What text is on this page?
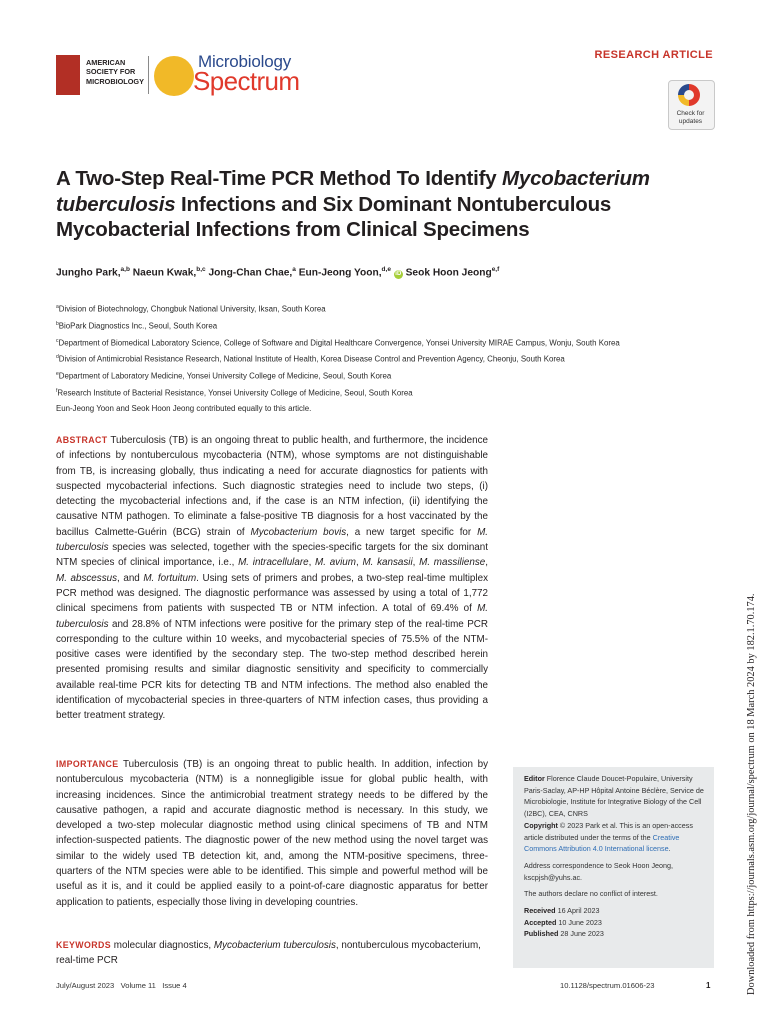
AMERICAN
SOCIETY FOR
MICROBIOLOGY
Microbiology
Spectrum
RESEARCH ARTICLE
Check for
updates
A Two-Step Real-Time PCR Method To Identify Mycobacterium tuberculosis Infections and Six Dominant Nontuberculous Mycobacterial Infections from Clinical Specimens
Jungho Park,$^{a,b}$ Naeun Kwak,$^{b,c}$ Jong-Chan Chae,$^a$ Eun-Jeong Yoon,$^{d,e}$ iD Seok Hoon Jeong$^{e,f}$
$^a$Division of Biotechnology, Chongbuk National University, Iksan, South Korea
$^b$BioPark Diagnostics Inc., Seoul, South Korea
$^c$Department of Biomedical Laboratory Science, College of Software and Digital Healthcare Convergence, Yonsei University MIRAE Campus, Wonju, South Korea
$^d$Division of Antimicrobial Resistance Research, National Institute of Health, Korea Disease Control and Prevention Agency, Cheonju, South Korea
$^e$Department of Laboratory Medicine, Yonsei University College of Medicine, Seoul, South Korea
$^f$Research Institute of Bacterial Resistance, Yonsei University College of Medicine, Seoul, South Korea
Eun-Jeong Yoon and Seok Hoon Jeong contributed equally to this article.
ABSTRACT Tuberculosis (TB) is an ongoing threat to public health, and furthermore, the incidence of infections by nontuberculous mycobacteria (NTM), whose symptoms are not distinguishable from TB, is increasing globally, thus indicating a need for accurate diagnostics for patients with suspected mycobacterial infections. Such diagnostic strategies need to include two steps, (i) detecting the mycobacterial infections and, if the case is an NTM infection, (ii) identifying the causative NTM pathogen. To eliminate a false-positive TB diagnosis for a host vaccinated by the bacillus Calmette-Guérin (BCG) strain of Mycobacterium bovis, a new target specific for M. tuberculosis species was selected, together with the species-specific targets for the six dominant NTM species of clinical importance, i.e., M. intracellulare, M. avium, M. kansasii, M. massiliense, M. abscessus, and M. fortuitum. Using sets of primers and probes, a two-step real-time multiplex PCR method was designed. The diagnostic performance was assessed by using a total of 1,772 clinical specimens from patients with suspected TB or NTM infection. A total of 69.4% of M. tuberculosis and 28.8% of NTM infections were positive for the primary step of the real-time PCR corresponding to the culture within 10 weeks, and mycobacterial species of 75.5% of the NTM-positive cases were identified by the secondary step. The two-step method described herein presented promising results and similar diagnostic sensitivity and specificity to commercially available real-time PCR kits for detecting TB and NTM infections. The method also enabled the identification of mycobacterial species in three-quarters of NTM infection cases, thus providing a better treatment strategy.
IMPORTANCE Tuberculosis (TB) is an ongoing threat to public health. In addition, infection by nontuberculous mycobacteria (NTM) is a nonnegligible issue for global public health, with increasing incidences. Since the antimicrobial treatment strategy needs to be differed by the causative pathogen, a rapid and accurate diagnostic method is necessary. In this study, we developed a two-step molecular diagnostic method using clinical specimens of TB and NTM infection-suspected patients. The diagnostic power of the new method using the novel target was similar to the widely used TB detection kit, and, among the NTM-positive specimens, three-quarters of the NTM species were able to be identified. This simple and powerful method will be useful as it is, and it could be applied easily to a point-of-care diagnostic apparatus for better application to patients, especially those living in developing countries.
KEYWORDS molecular diagnostics, Mycobacterium tuberculosis, nontuberculous mycobacterium, real-time PCR
Editor Florence Claude Doucet-Populaire, University Paris-Saclay, AP-HP Hôpital Antoine Béclère, Service de Microbiologie, Institute for Integrative Biology of the Cell (I2BC), CEA, CNRS
Copyright © 2023 Park et al. This is an open-access article distributed under the terms of the Creative Commons Attribution 4.0 International license.
Address correspondence to Seok Hoon Jeong, kscpjsh@yuhs.ac.
The authors declare no conflict of interest.
Received 16 April 2023
Accepted 10 June 2023
Published 28 June 2023
July/August 2023   Volume 11   Issue 4	10.1128/spectrum.01606-23	1	Downloaded from https://journals.asm.org/journal/spectrum on 18 March 2024 by 182.1.70.174.
